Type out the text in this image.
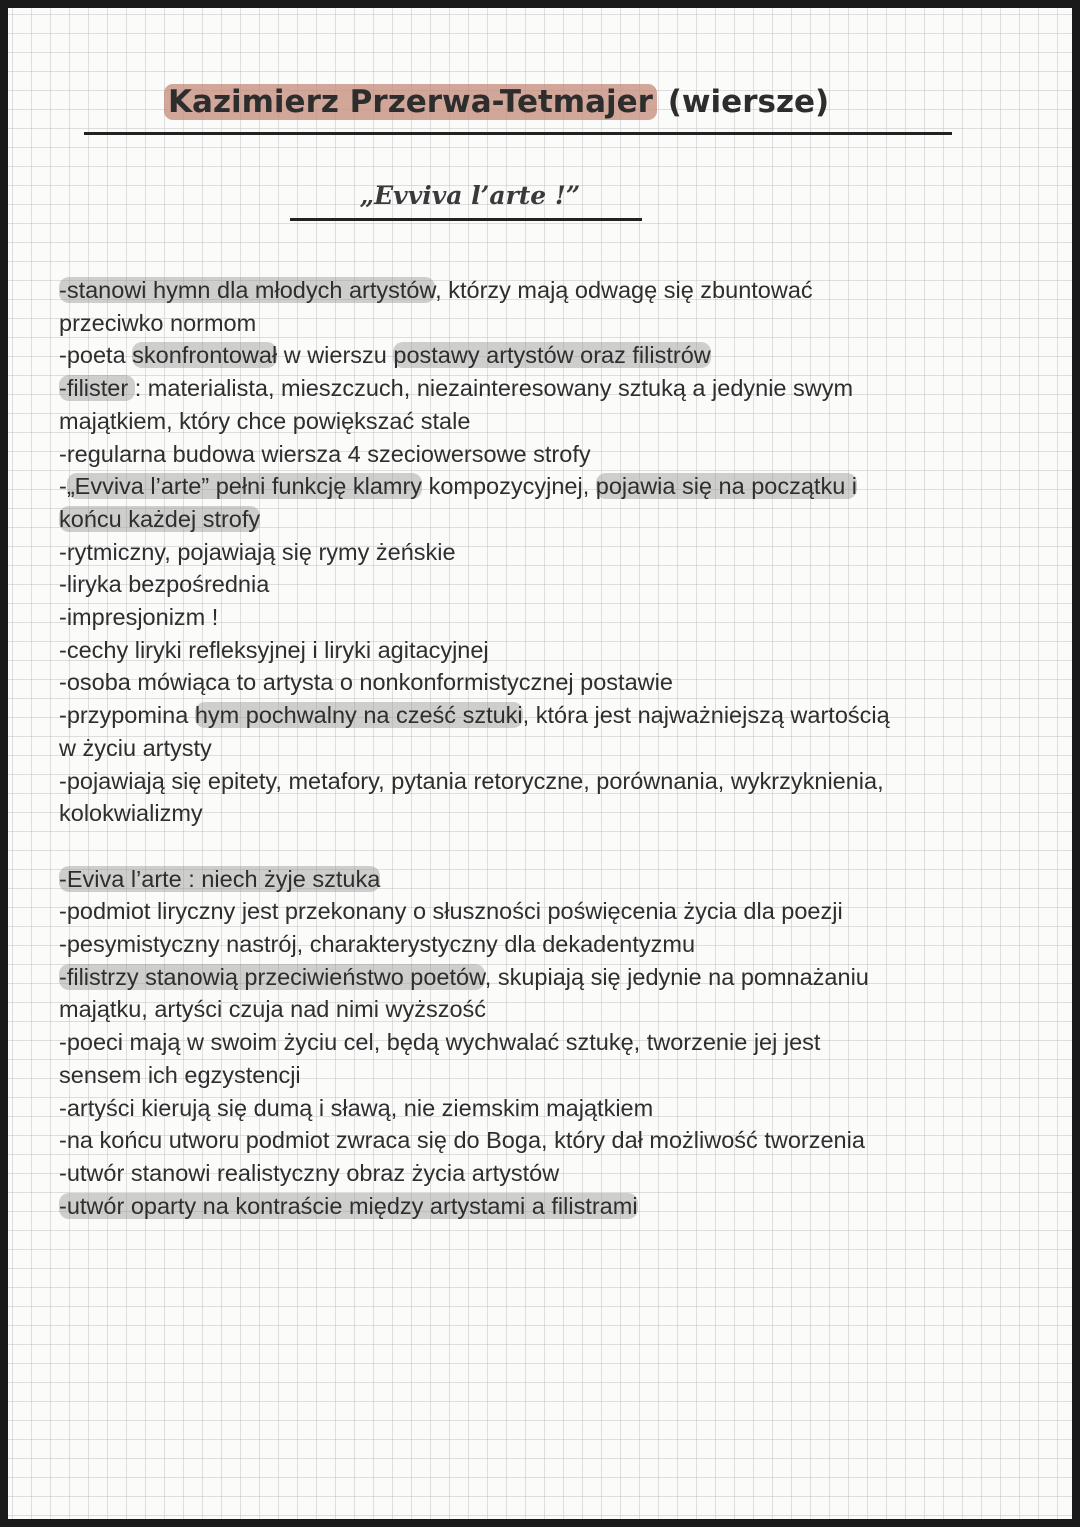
Kazimierz Przerwa-Tetmajer (wiersze)
„Evviva l’arte !”
-stanowi hymn dla młodych artystów, którzy mają odwagę się zbuntować
przeciwko normom
-poeta skonfrontował w wierszu postawy artystów oraz filistrów
-filister : materialista, mieszczuch, niezainteresowany sztuką a jedynie swym
majątkiem, który chce powiększać stale
-regularna budowa wiersza 4 szeciowersowe strofy
-„Evviva l’arte” pełni funkcję klamry kompozycyjnej, pojawia się na początku i
końcu każdej strofy
-rytmiczny, pojawiają się rymy żeńskie
-liryka bezpośrednia
-impresjonizm !
-cechy liryki refleksyjnej i liryki agitacyjnej
-osoba mówiąca to artysta o nonkonformistycznej postawie
-przypomina hym pochwalny na cześć sztuki, która jest najważniejszą wartością
w życiu artysty
-pojawiają się epitety, metafory, pytania retoryczne, porównania, wykrzyknienia,
kolokwializmy
-Eviva l’arte : niech żyje sztuka
-podmiot liryczny jest przekonany o słuszności poświęcenia życia dla poezji
-pesymistyczny nastrój, charakterystyczny dla dekadentyzmu
-filistrzy stanowią przeciwieństwo poetów, skupiają się jedynie na pomnażaniu
majątku, artyści czuja nad nimi wyższość
-poeci mają w swoim życiu cel, będą wychwalać sztukę, tworzenie jej jest
sensem ich egzystencji
-artyści kierują się dumą i sławą, nie ziemskim majątkiem
-na końcu utworu podmiot zwraca się do Boga, który dał możliwość tworzenia
-utwór stanowi realistyczny obraz życia artystów
-utwór oparty na kontraście między artystami a filistrami
